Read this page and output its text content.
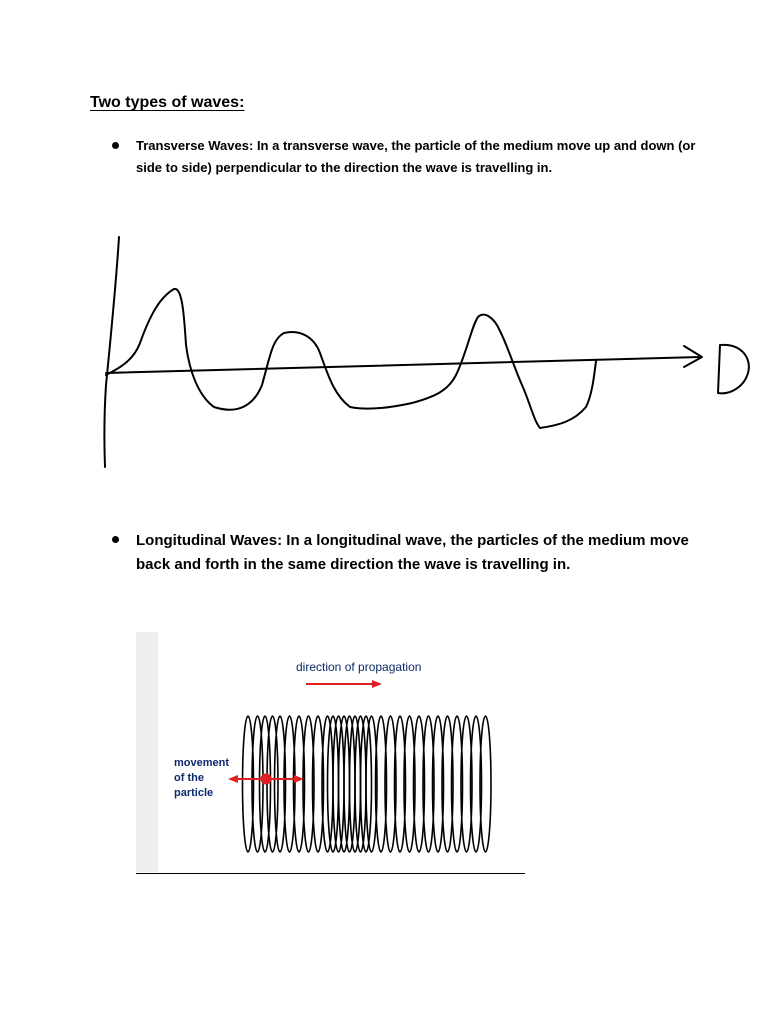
Two types of waves:
Transverse Waves: In a transverse wave, the particle of the medium move up and down (or side to side) perpendicular to the direction the wave is travelling in.
Longitudinal Waves: In a longitudinal wave, the particles of the medium move back and forth in the same direction the wave is travelling in.
direction of propagation
movement
of the
particle
